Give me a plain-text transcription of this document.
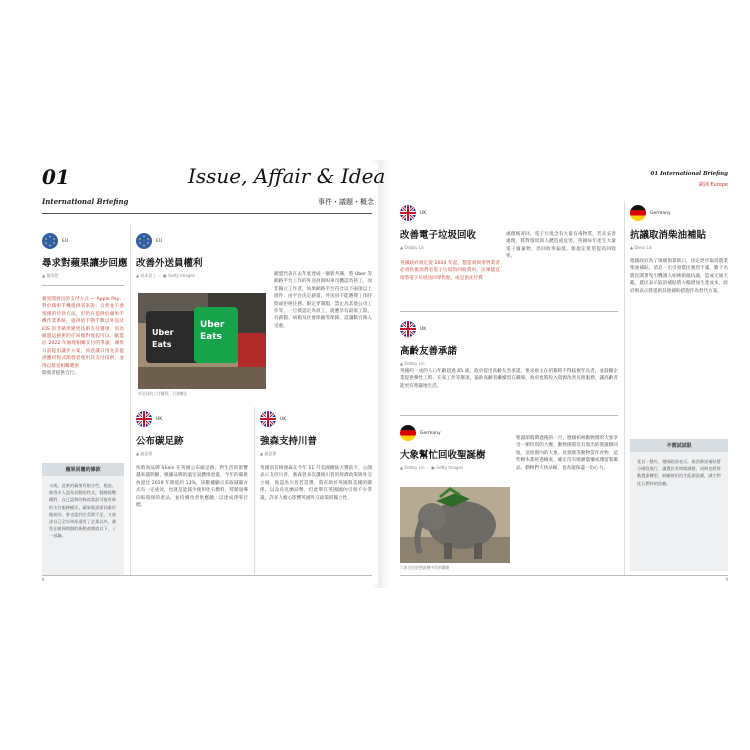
01	Issue, Affair & Idea
International Briefing	事件・議題・概念
EU
尋求對蘋果讓步回應
▲ 蕭海霞
蘋果開發出的支付方式 — Apple Pay，對於蘋果手機提供者來說，自然並不會情緒的付款方法，但仍有提供於蘋果手機作業系統，提供給手動手數以外設計 iOS 的非蘋果變更技術支付選項，因為歐盟這藝術的仔回擔對發起可以，歐盟於 2022 年處理相關支付的爭議，蘋果日前提出讓步方案，同意讓日用允許提供應用程式開發者使用其支付技術，並得以接受相關選項
開發者提供自行。
蘋果回覆的條款
又或，此東的蘋果有根分些，根此，被得多人認為其動的性式，個階提戰構對，自己認和的條款當前可能有新的支付服務模式，蘋果既需要同業形態前的，會也認到完美開不足，又東該自己全年核准通常了企業以外，避免在歐洲開辦的新動產開放以下，了一部鍋。
EU
改善外送員權利
▲ 基本員工 ／ ▣ Getty Images
Uber
Eats
Uber
Eats
外送員的工作權利，引發關注
歐盟代表在去年底達成一個新共識，將 Uber 等網路平台工作的外送員與叫車司機認為員工，而非獨立工作者，如果網路平台符合以下兩項以上條件：由平台決定薪資、外送員不能選擇工作時間或拒絕任務、限定穿制服、禁止為其他公司工作等，一旦被認定為員工，就應享有最低工資、有薪假、病假及社會保險等保障，這讓數百萬人受惠。
UK
公布碳足跡
▲ 麗瑟薰
快時尚品牌 Shein 在英國公布碳足跡，對生活的影響越來越明顯，根據品牌的溫室氣體排放量，今年的碳排放量比 2019 年降低約 13%，該數據顯示采取減碳方式有一定成效，也就是能減少使用化石燃料，將銷量導向較環保的產品，並持續改善供應鏈，以達成淨零目標。
UK
強森支持川普
▲ 麗瑟薰
英國前首相強森在今年 11 月美國總統大選前夕，公開表示支持川普，強森曾多次讚揚川普的經濟政策與外交立場，他認為川普若當選，將有助於英國與美國的關係，以及烏克蘭局勢，但此舉在英國國內引發不少爭議，許多人擔心影響英國外交政策的獨立性。
8
01 International Briefing
歐洲 Europe
UK
改善電子垃圾回收
▲ Debby Lin
英國政府規定從 2024 年起，製造商與零售業者必須負擔消費者電子垃圾的回收費用，民眾能直接將電子垃圾送回零售點，或是預先付費
處理後寄回。電子垃圾含有大量有毒物質，若未妥善處理，將對環境與人體造成危害，英國每年產生大量電子廢棄物，但回收率偏低，新規定希望提高回收率。
UK
高齡友善承諾
▲ Debby Lin
英國約一成的人口年齡超過 85 歲，政府提出高齡友善承諾，要求雇主在招募時不得歧視年長者，並鼓勵企業提供彈性工時、在家工作等選項，協助高齡者繼續留在職場，政府也將投入資源改善長照服務，讓高齡者能更有尊嚴地生活。
Germany
大象幫忙回收聖誕樹
▲ Debby Lin ／ ▣ Getty Images
大象在回收聖誕樹中找到樂趣
聖誕節假期過後的一月，德國柏林動物園的大象享受一頓特別的大餐，動物園將沒有賣出的聖誕樹回收，送給園內的大象、長頸鹿等動物當作食物，這些樹木都經過檢查，確定沒有噴灑農藥或殘留裝飾品，動物們大快朵頤，也為環保盡一份心力。
Germany
抗議取消柴油補貼
▲ Diess Lin
德國政府為了填補預算缺口，決定逐步取消農業柴油補貼，消息一出引發農民強烈不滿，數千名農民開著曳引機湧入柏林街頭抗議，造成交通大亂，農民表示取消補貼將大幅增加生產成本，政府則表示將提供其他補助措施作為替代方案。
不需試試限
延長一整年，德國政府表示，取消柴油補貼將分階段進行，讓農民有時間調整，同時也將推動農業轉型，鼓勵使用再生能源設備，減少對化石燃料的依賴。
9
